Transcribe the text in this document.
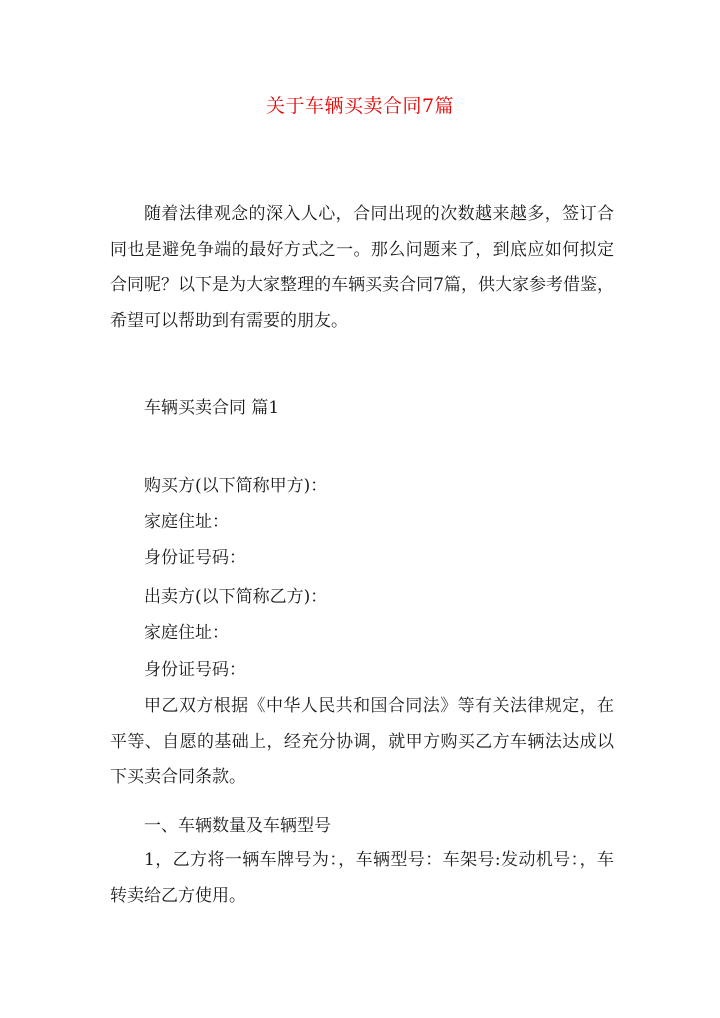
关于车辆买卖合同7篇

随着法律观念的深入人心，合同出现的次数越来越多，签订合同也是避免争端的最好方式之一。那么问题来了，到底应如何拟定合同呢？以下是为大家整理的车辆买卖合同7篇，供大家参考借鉴，希望可以帮助到有需要的朋友。

车辆买卖合同 篇1

购买方(以下简称甲方)：

家庭住址：

身份证号码：

出卖方(以下简称乙方)：

家庭住址：

身份证号码：

甲乙双方根据《中华人民共和国合同法》等有关法律规定，在平等、自愿的基础上，经充分协调，就甲方购买乙方车辆法达成以下买卖合同条款。

一、车辆数量及车辆型号

1，乙方将一辆车牌号为：，车辆型号：车架号:发动机号：，车转卖给乙方使用。
